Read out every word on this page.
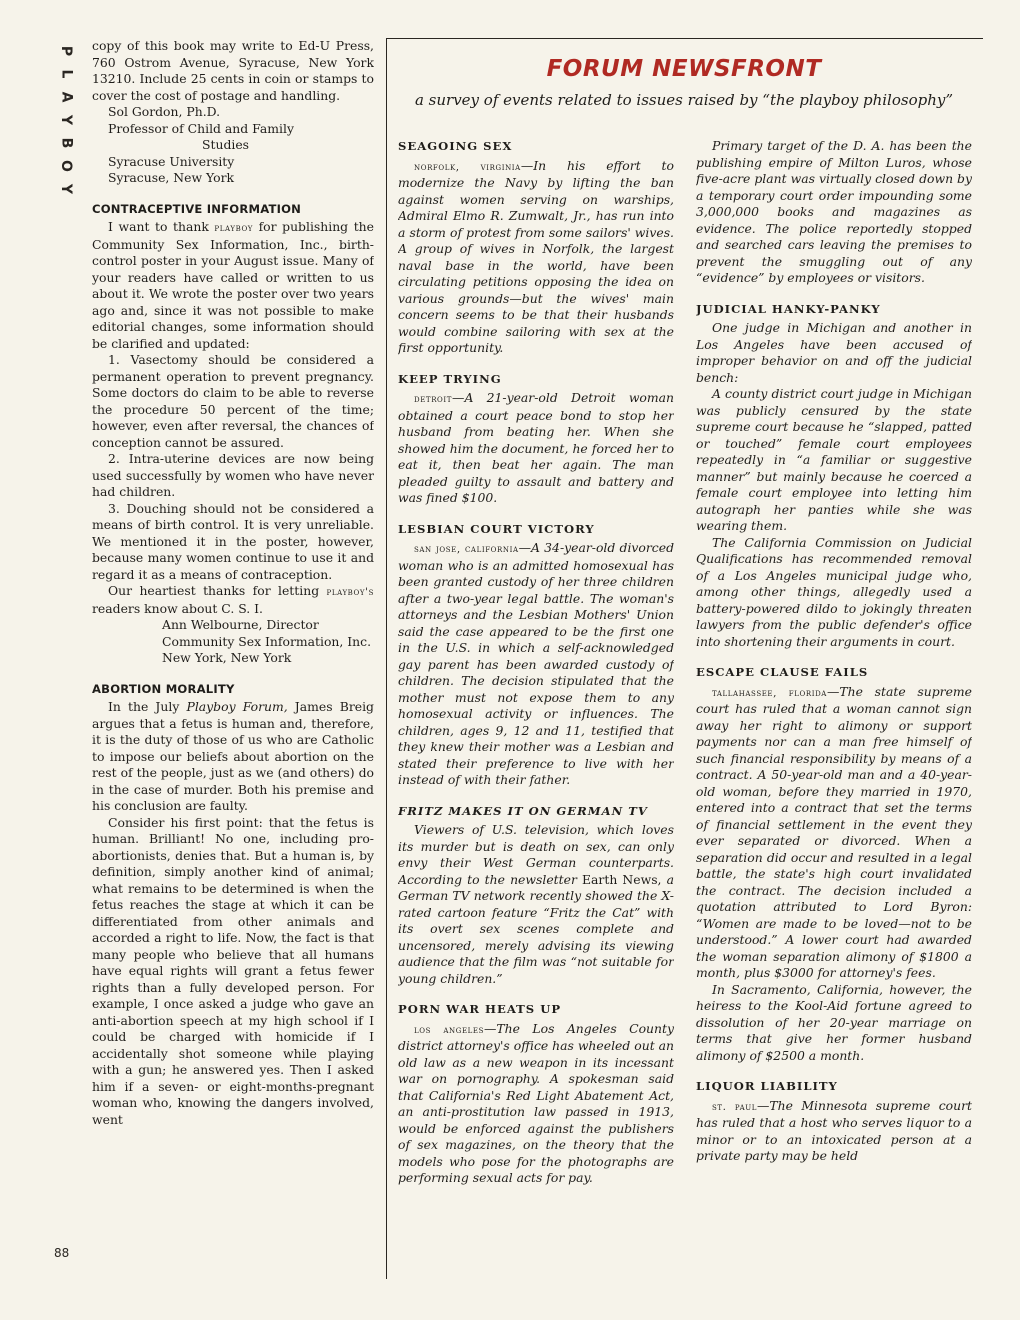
P
L
A
Y
B
O
Y
88

copy of this book may write to Ed-U Press, 760 Ostrom Avenue, Syracuse, New York 13210. Include 25 cents in coin or stamps to cover the cost of postage and handling.

Sol Gordon, Ph.D.

Professor of Child and Family

Studies

Syracuse University

Syracuse, New York

CONTRACEPTIVE INFORMATION

I want to thank playboy for publishing the Community Sex Information, Inc., birth-control poster in your August issue. Many of your readers have called or written to us about it. We wrote the poster over two years ago and, since it was not possible to make editorial changes, some information should be clarified and updated:

1. Vasectomy should be considered a permanent operation to prevent pregnancy. Some doctors do claim to be able to reverse the procedure 50 percent of the time; however, even after reversal, the chances of conception cannot be assured.

2. Intra-uterine devices are now being used successfully by women who have never had children.

3. Douching should not be considered a means of birth control. It is very unreliable. We mentioned it in the poster, however, because many women continue to use it and regard it as a means of contraception.

Our heartiest thanks for letting playboy's readers know about C. S. I.

Ann Welbourne, Director

Community Sex Information, Inc.

New York, New York

ABORTION MORALITY

In the July Playboy Forum, James Breig argues that a fetus is human and, therefore, it is the duty of those of us who are Catholic to impose our beliefs about abortion on the rest of the people, just as we (and others) do in the case of murder. Both his premise and his conclusion are faulty.

Consider his first point: that the fetus is human. Brilliant! No one, including pro-abortionists, denies that. But a human is, by definition, simply another kind of animal; what remains to be determined is when the fetus reaches the stage at which it can be differentiated from other animals and accorded a right to life. Now, the fact is that many people who believe that all humans have equal rights will grant a fetus fewer rights than a fully developed person. For example, I once asked a judge who gave an anti-abortion speech at my high school if I could be charged with homicide if I accidentally shot someone while playing with a gun; he answered yes. Then I asked him if a seven- or eight-months-pregnant woman who, knowing the dangers involved, went

FORUM NEWSFRONT
a survey of events related to issues raised by “the playboy philosophy”
SEAGOING SEX

norfolk, virginia—In his effort to modernize the Navy by lifting the ban against women serving on warships, Admiral Elmo R. Zumwalt, Jr., has run into a storm of protest from some sailors' wives. A group of wives in Norfolk, the largest naval base in the world, have been circulating petitions opposing the idea on various grounds—but the wives' main concern seems to be that their husbands would combine sailoring with sex at the first opportunity.

KEEP TRYING

detroit—A 21-year-old Detroit woman obtained a court peace bond to stop her husband from beating her. When she showed him the document, he forced her to eat it, then beat her again. The man pleaded guilty to assault and battery and was fined $100.

LESBIAN COURT VICTORY

san jose, california—A 34-year-old divorced woman who is an admitted homosexual has been granted custody of her three children after a two-year legal battle. The woman's attorneys and the Lesbian Mothers' Union said the case appeared to be the first one in the U.S. in which a self-acknowledged gay parent has been awarded custody of children. The decision stipulated that the mother must not expose them to any homosexual activity or influences. The children, ages 9, 12 and 11, testified that they knew their mother was a Lesbian and stated their preference to live with her instead of with their father.

FRITZ MAKES IT ON GERMAN TV

Viewers of U.S. television, which loves its murder but is death on sex, can only envy their West German counterparts. According to the newsletter Earth News, a German TV network recently showed the X-rated cartoon feature “Fritz the Cat” with its overt sex scenes complete and uncensored, merely advising its viewing audience that the film was “not suitable for young children.”

PORN WAR HEATS UP

los angeles—The Los Angeles County district attorney's office has wheeled out an old law as a new weapon in its incessant war on pornography. A spokesman said that California's Red Light Abatement Act, an anti-prostitution law passed in 1913, would be enforced against the publishers of sex magazines, on the theory that the models who pose for the photographs are performing sexual acts for pay.

Primary target of the D. A. has been the publishing empire of Milton Luros, whose five-acre plant was virtually closed down by a temporary court order impounding some 3,000,000 books and magazines as evidence. The police reportedly stopped and searched cars leaving the premises to prevent the smuggling out of any “evidence” by employees or visitors.

JUDICIAL HANKY-PANKY

One judge in Michigan and another in Los Angeles have been accused of improper behavior on and off the judicial bench:

A county district court judge in Michigan was publicly censured by the state supreme court because he “slapped, patted or touched” female court employees repeatedly in “a familiar or suggestive manner” but mainly because he coerced a female court employee into letting him autograph her panties while she was wearing them.

The California Commission on Judicial Qualifications has recommended removal of a Los Angeles municipal judge who, among other things, allegedly used a battery-powered dildo to jokingly threaten lawyers from the public defender's office into shortening their arguments in court.

ESCAPE CLAUSE FAILS

tallahassee, florida—The state supreme court has ruled that a woman cannot sign away her right to alimony or support payments nor can a man free himself of such financial responsibility by means of a contract. A 50-year-old man and a 40-year-old woman, before they married in 1970, entered into a contract that set the terms of financial settlement in the event they ever separated or divorced. When a separation did occur and resulted in a legal battle, the state's high court invalidated the contract. The decision included a quotation attributed to Lord Byron: “Women are made to be loved—not to be understood.” A lower court had awarded the woman separation alimony of $1800 a month, plus $3000 for attorney's fees.

In Sacramento, California, however, the heiress to the Kool-Aid fortune agreed to dissolution of her 20-year marriage on terms that give her former husband alimony of $2500 a month.

LIQUOR LIABILITY

st. paul—The Minnesota supreme court has ruled that a host who serves liquor to a minor or to an intoxicated person at a private party may be held
